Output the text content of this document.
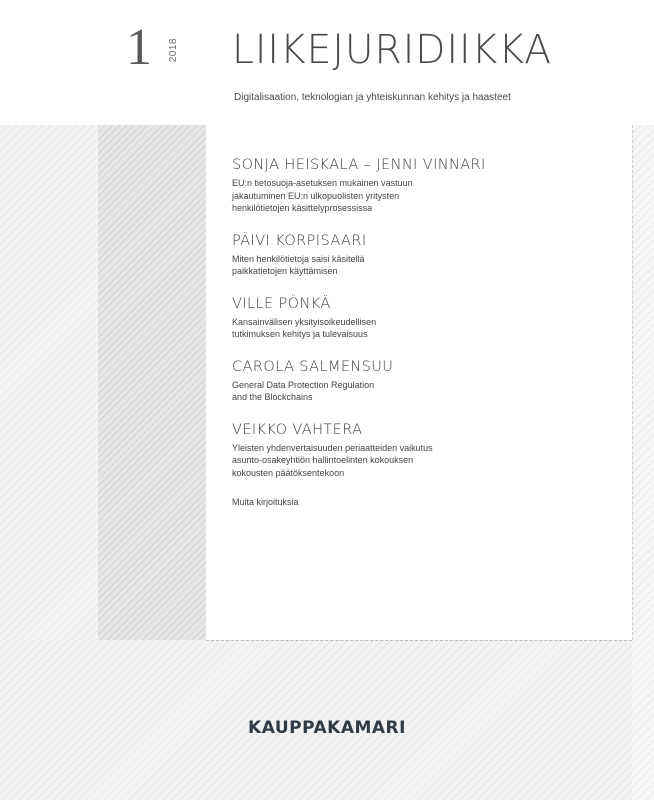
1 2018 LIIKEJURIDIIKKA
Digitalisaation, teknologian ja yhteiskunnan kehitys ja haasteet
SONJA HEISKALA – JENNI VINNARI
EU:n tietosuoja-asetuksen mukainen vastuun
jakautuminen EU:n ulkopuolisten yritysten
henkilötietojen käsittelyprosessissa
PÄIVI KORPISAARI
Miten henkilötietoja saisi käsitellä
paikkatietojen käyttämisen
VILLE PÖNKÄ
Kansainvälisen yksityisoikeudellisen
tutkimuksen kehitys ja tulevaisuus
CAROLA SALMENSUU
General Data Protection Regulation
and the Blockchains
VEIKKO VAHTERA
Yleisten yhdenvertaisuuden periaatteiden vaikutus
asunto-osakeyhtiön hallintoelinten kokouksen
kokousten päätöksentekoon
Muita kirjoituksia
KAUPPAKAMARI
